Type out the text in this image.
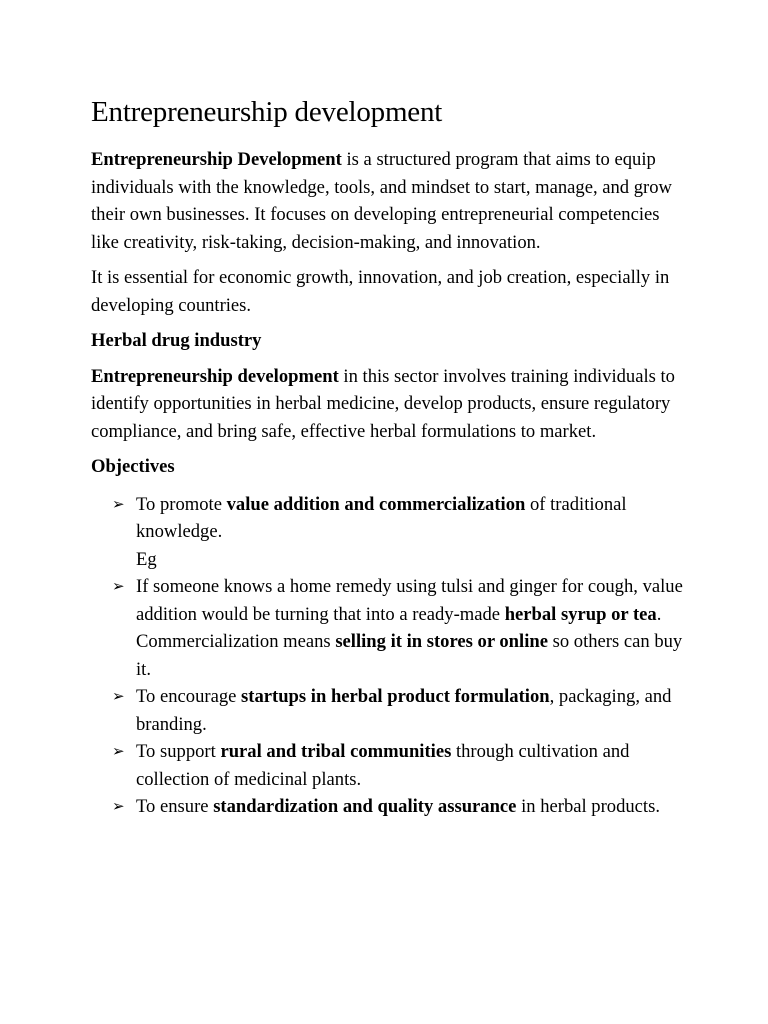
Entrepreneurship development

Entrepreneurship Development is a structured program that aims to equip individuals with the knowledge, tools, and mindset to start, manage, and grow their own businesses. It focuses on developing entrepreneurial competencies like creativity, risk-taking, decision-making, and innovation.

It is essential for economic growth, innovation, and job creation, especially in developing countries.

Herbal drug industry

Entrepreneurship development in this sector involves training individuals to identify opportunities in herbal medicine, develop products, ensure regulatory compliance, and bring safe, effective herbal formulations to market.

Objectives
➢ To promote value addition and commercialization of traditional knowledge.
Eg
➢ If someone knows a home remedy using tulsi and ginger for cough, value addition would be turning that into a ready-made herbal syrup or tea. Commercialization means selling it in stores or online so others can buy it.
➢ To encourage startups in herbal product formulation, packaging, and branding.
➢ To support rural and tribal communities through cultivation and collection of medicinal plants.
➢ To ensure standardization and quality assurance in herbal products.
